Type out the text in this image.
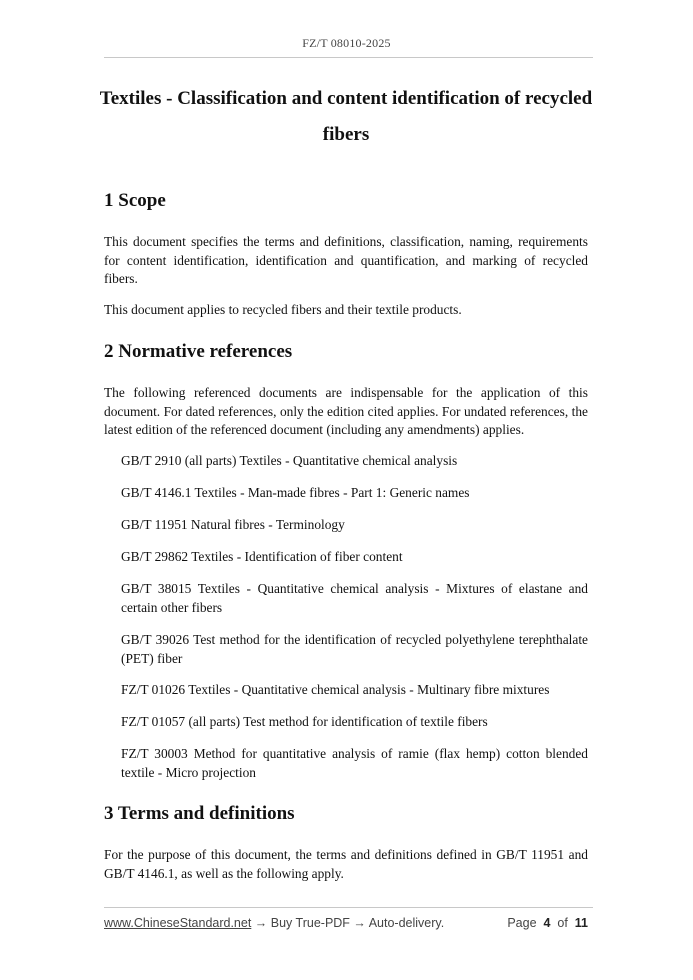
FZ/T 08010-2025
Textiles - Classification and content identification of recycled fibers
1 Scope

This document specifies the terms and definitions, classification, naming, requirements for content identification, identification and quantification, and marking of recycled fibers.

This document applies to recycled fibers and their textile products.

2 Normative references

The following referenced documents are indispensable for the application of this document. For dated references, only the edition cited applies. For undated references, the latest edition of the referenced document (including any amendments) applies.

GB/T 2910 (all parts) Textiles - Quantitative chemical analysis

GB/T 4146.1 Textiles - Man-made fibres - Part 1: Generic names

GB/T 11951 Natural fibres - Terminology

GB/T 29862 Textiles - Identification of fiber content

GB/T 38015 Textiles - Quantitative chemical analysis - Mixtures of elastane and certain other fibers

GB/T 39026 Test method for the identification of recycled polyethylene terephthalate (PET) fiber

FZ/T 01026 Textiles - Quantitative chemical analysis - Multinary fibre mixtures

FZ/T 01057 (all parts) Test method for identification of textile fibers

FZ/T 30003 Method for quantitative analysis of ramie (flax hemp) cotton blended textile - Micro projection

3 Terms and definitions

For the purpose of this document, the terms and definitions defined in GB/T 11951 and GB/T 4146.1, as well as the following apply.

www.ChineseStandard.net → Buy True-PDF → Auto-delivery.	Page 4 of 11
